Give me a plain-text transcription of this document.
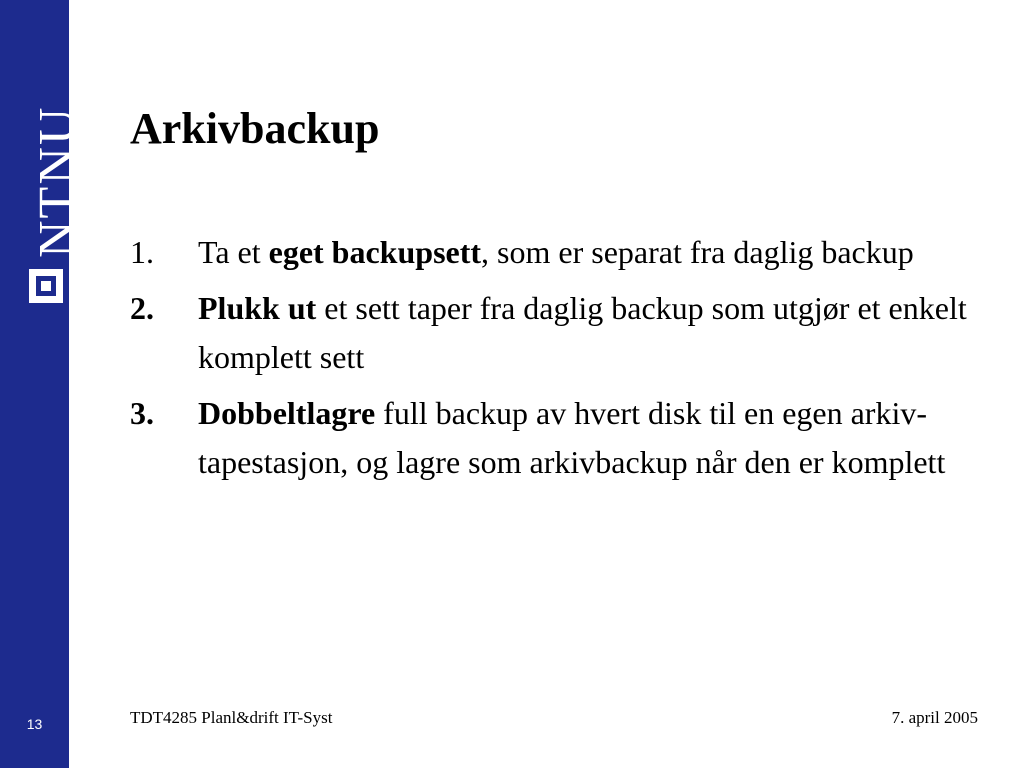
NTNU
13
Arkivbackup
1. Ta et eget backupsett, som er separat fra daglig backup
2. Plukk ut et sett taper fra daglig backup som utgjør et enkelt komplett sett
3. Dobbeltlagre full backup av hvert disk til en egen arkiv-tapestasjon, og lagre som arkivbackup når den er komplett
TDT4285 Planl&drift IT-Syst	7. april 2005
